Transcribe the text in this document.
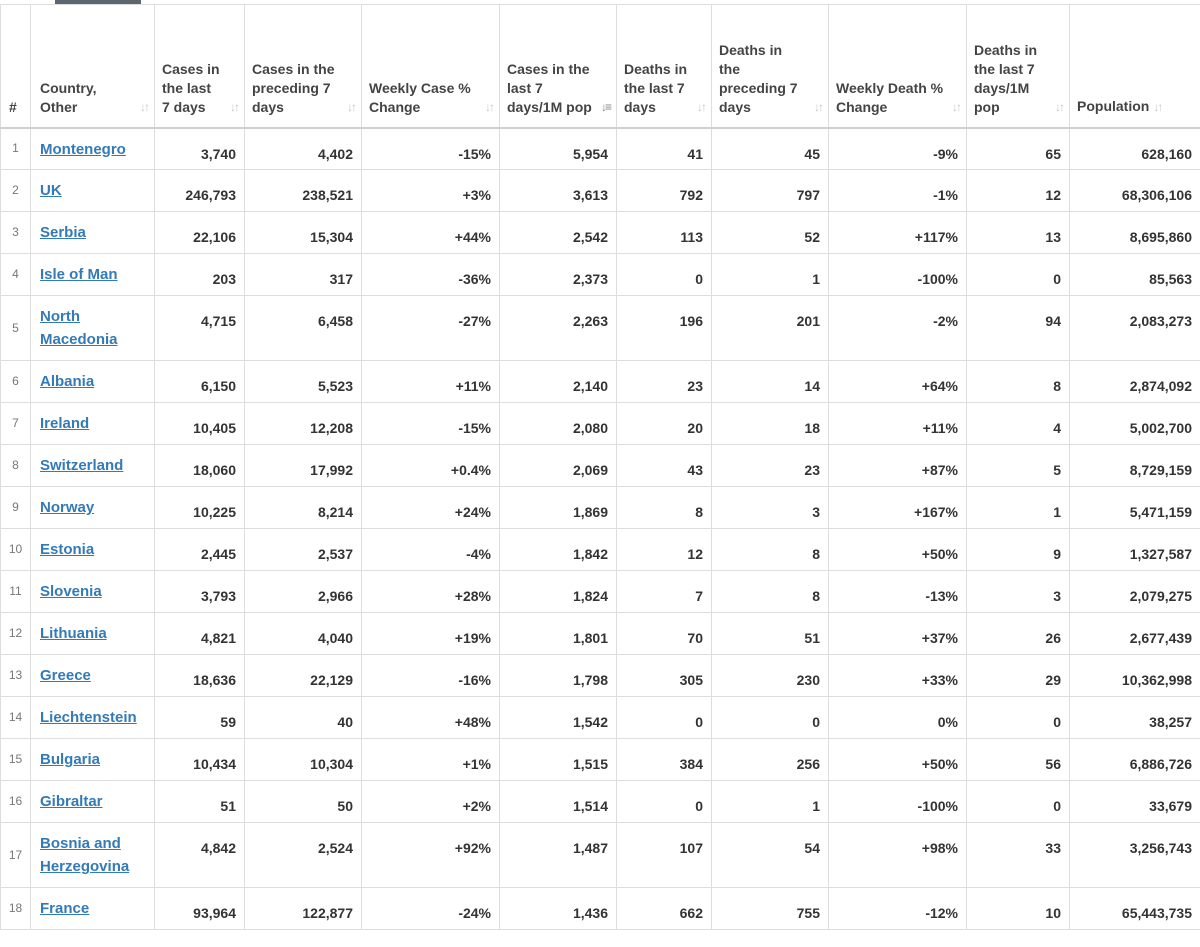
#	Country, Other ↓↑	Cases in the last 7 days ↓↑	Cases in the preceding 7 days ↓↑	Weekly Case % Change ↓↑	Cases in the last 7 days/1M pop ↓≡	Deaths in the last 7 days ↓↑	Deaths in the preceding 7 days ↓↑	Weekly Death % Change ↓↑	Deaths in the last 7 days/1M pop ↓↑	Population ↓↑
1	Montenegro	3,740	4,402	-15%	5,954	41	45	-9%	65	628,160
2	UK	246,793	238,521	+3%	3,613	792	797	-1%	12	68,306,106
3	Serbia	22,106	15,304	+44%	2,542	113	52	+117%	13	8,695,860
4	Isle of Man	203	317	-36%	2,373	0	1	-100%	0	85,563
5	North Macedonia	4,715	6,458	-27%	2,263	196	201	-2%	94	2,083,273
6	Albania	6,150	5,523	+11%	2,140	23	14	+64%	8	2,874,092
7	Ireland	10,405	12,208	-15%	2,080	20	18	+11%	4	5,002,700
8	Switzerland	18,060	17,992	+0.4%	2,069	43	23	+87%	5	8,729,159
9	Norway	10,225	8,214	+24%	1,869	8	3	+167%	1	5,471,159
10	Estonia	2,445	2,537	-4%	1,842	12	8	+50%	9	1,327,587
11	Slovenia	3,793	2,966	+28%	1,824	7	8	-13%	3	2,079,275
12	Lithuania	4,821	4,040	+19%	1,801	70	51	+37%	26	2,677,439
13	Greece	18,636	22,129	-16%	1,798	305	230	+33%	29	10,362,998
14	Liechtenstein	59	40	+48%	1,542	0	0	0%	0	38,257
15	Bulgaria	10,434	10,304	+1%	1,515	384	256	+50%	56	6,886,726
16	Gibraltar	51	50	+2%	1,514	0	1	-100%	0	33,679
17	Bosnia and Herzegovina	4,842	2,524	+92%	1,487	107	54	+98%	33	3,256,743
18	France	93,964	122,877	-24%	1,436	662	755	-12%	10	65,443,735
